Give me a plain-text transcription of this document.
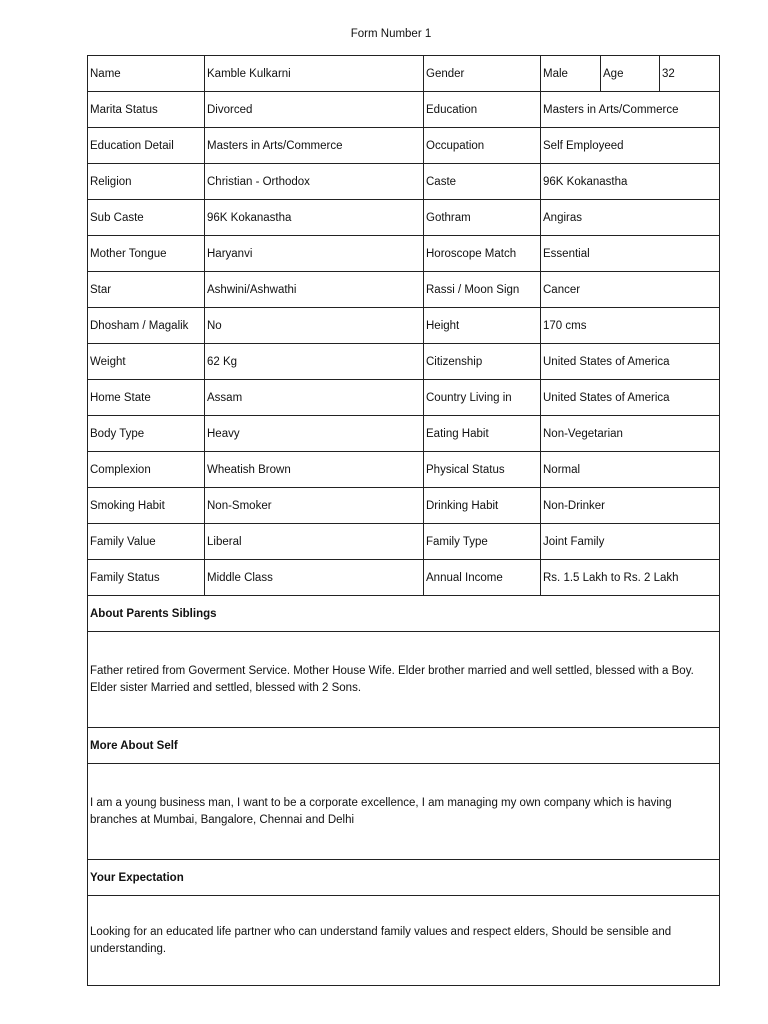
Form Number 1
Name	Kamble Kulkarni	Gender	Male	Age	32
Marita Status	Divorced	Education	Masters in Arts/Commerce		
Education Detail	Masters in Arts/Commerce	Occupation	Self Employeed		
Religion	Christian - Orthodox	Caste	96K Kokanastha		
Sub Caste	96K Kokanastha	Gothram	Angiras		
Mother Tongue	Haryanvi	Horoscope Match	Essential		
Star	Ashwini/Ashwathi	Rassi / Moon Sign	Cancer		
Dhosham / Magalik	No	Height	170 cms		
Weight	62 Kg	Citizenship	United States of America		
Home State	Assam	Country Living in	United States of America		
Body Type	Heavy	Eating Habit	Non-Vegetarian		
Complexion	Wheatish Brown	Physical Status	Normal		
Smoking Habit	Non-Smoker	Drinking Habit	Non-Drinker		
Family Value	Liberal	Family Type	Joint Family		
Family Status	Middle Class	Annual Income	Rs. 1.5 Lakh to Rs. 2 Lakh		
About Parents Siblings					
Father retired from Goverment Service. Mother House Wife. Elder brother married and well settled, blessed with a Boy. Elder sister Married and settled, blessed with 2 Sons.					
More About Self					
I am a young business man, I want to be a corporate excellence, I am managing my own company which is having branches at Mumbai, Bangalore, Chennai and Delhi					
Your Expectation					
Looking for an educated life partner who can understand family values and respect elders, Should be sensible and understanding.					
